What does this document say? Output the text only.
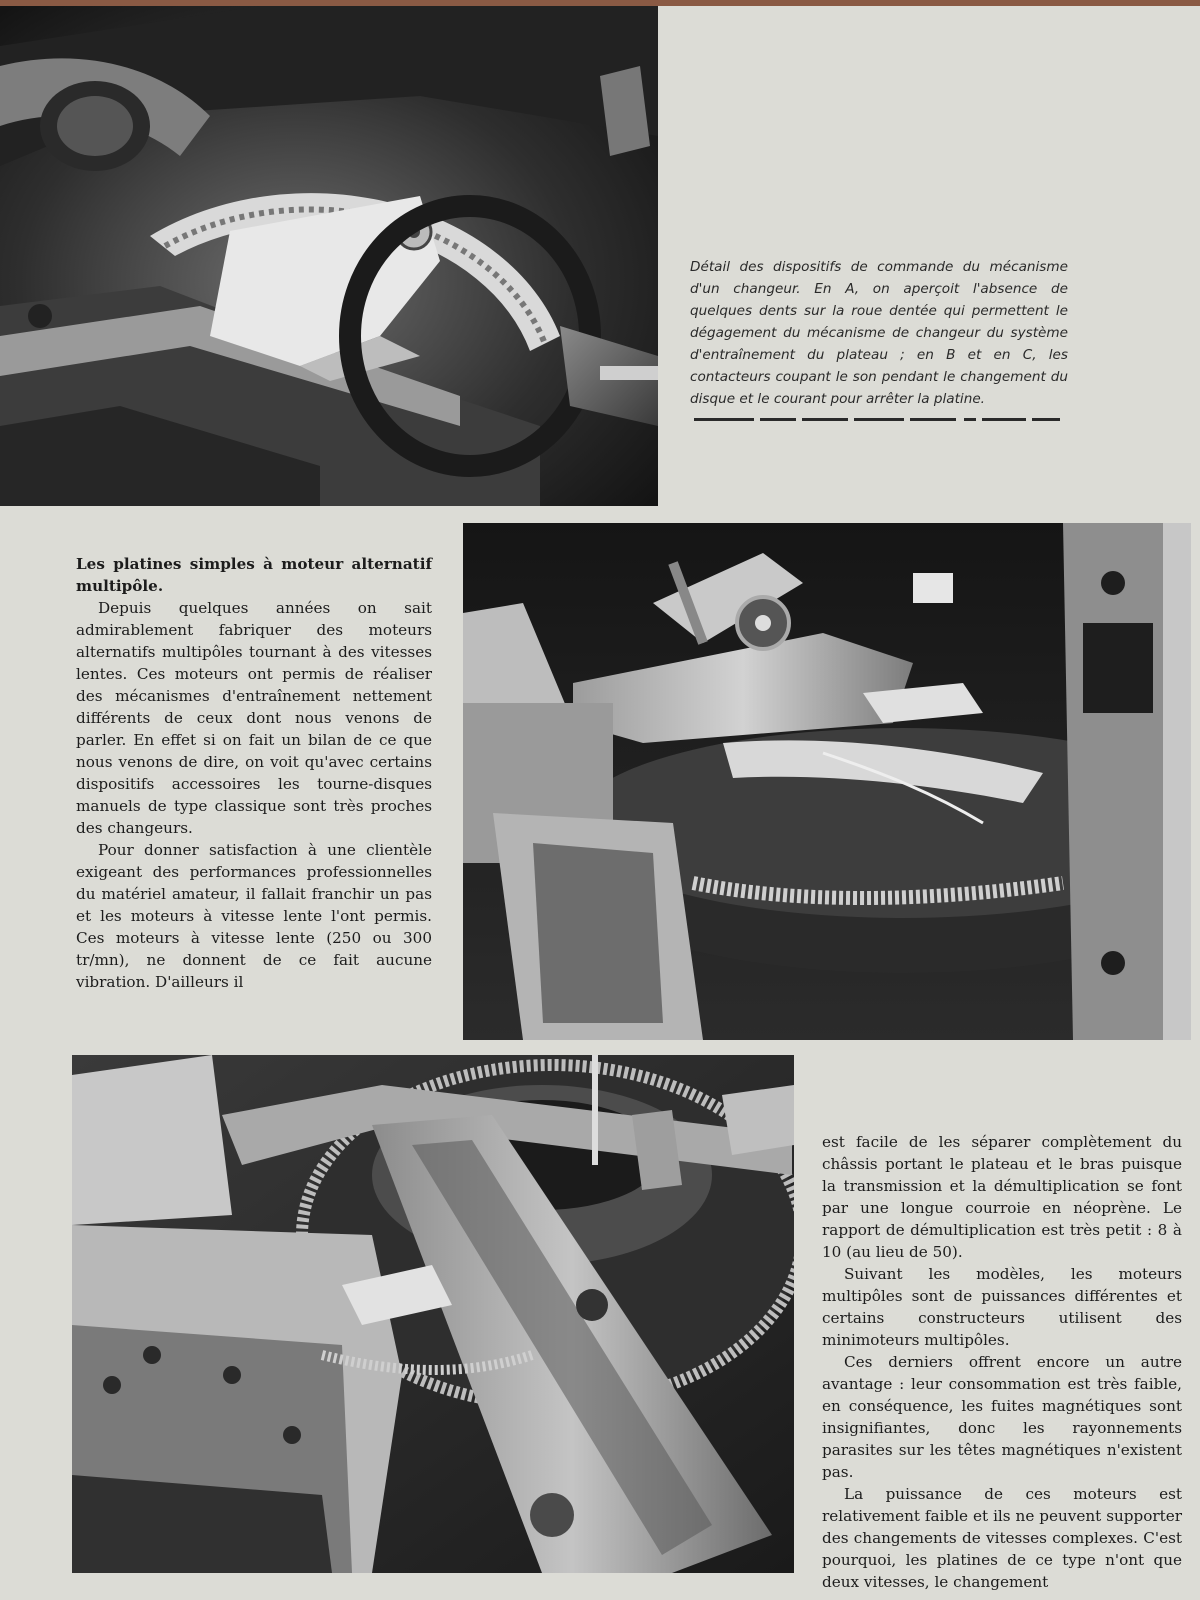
Détail des dispositifs de commande du mécanisme d'un changeur. En A, on aperçoit l'absence de quelques dents sur la roue dentée qui permettent le dégagement du mécanisme de changeur du système d'entraînement du plateau ; en B et en C, les contacteurs coupant le son pendant le changement du disque et le courant pour arrêter la platine.

Les platines simples à moteur alternatif multipôle.

Depuis quelques années on sait admirablement fabriquer des moteurs alternatifs multipôles tournant à des vitesses lentes. Ces moteurs ont permis de réaliser des mécanismes d'entraînement nettement différents de ceux dont nous venons de parler. En effet si on fait un bilan de ce que nous venons de dire, on voit qu'avec certains dispositifs accessoires les tourne-disques manuels de type classique sont très proches des changeurs.

Pour donner satisfaction à une clientèle exigeant des performances professionnelles du matériel amateur, il fallait franchir un pas et les moteurs à vitesse lente l'ont permis. Ces moteurs à vitesse lente (250 ou 300 tr/mn), ne donnent de ce fait aucune vibration. D'ailleurs il

est facile de les séparer complètement du châssis portant le plateau et le bras puisque la transmission et la démultiplication se font par une longue courroie en néoprène. Le rapport de démultiplication est très petit : 8 à 10 (au lieu de 50).

Suivant les modèles, les moteurs multipôles sont de puissances différentes et certains constructeurs utilisent des minimoteurs multipôles.

Ces derniers offrent encore un autre avantage : leur consommation est très faible, en conséquence, les fuites magnétiques sont insignifiantes, donc les rayonnements parasites sur les têtes magnétiques n'existent pas.

La puissance de ces moteurs est relativement faible et ils ne peuvent supporter des changements de vitesses complexes. C'est pourquoi, les platines de ce type n'ont que deux vitesses, le changement
